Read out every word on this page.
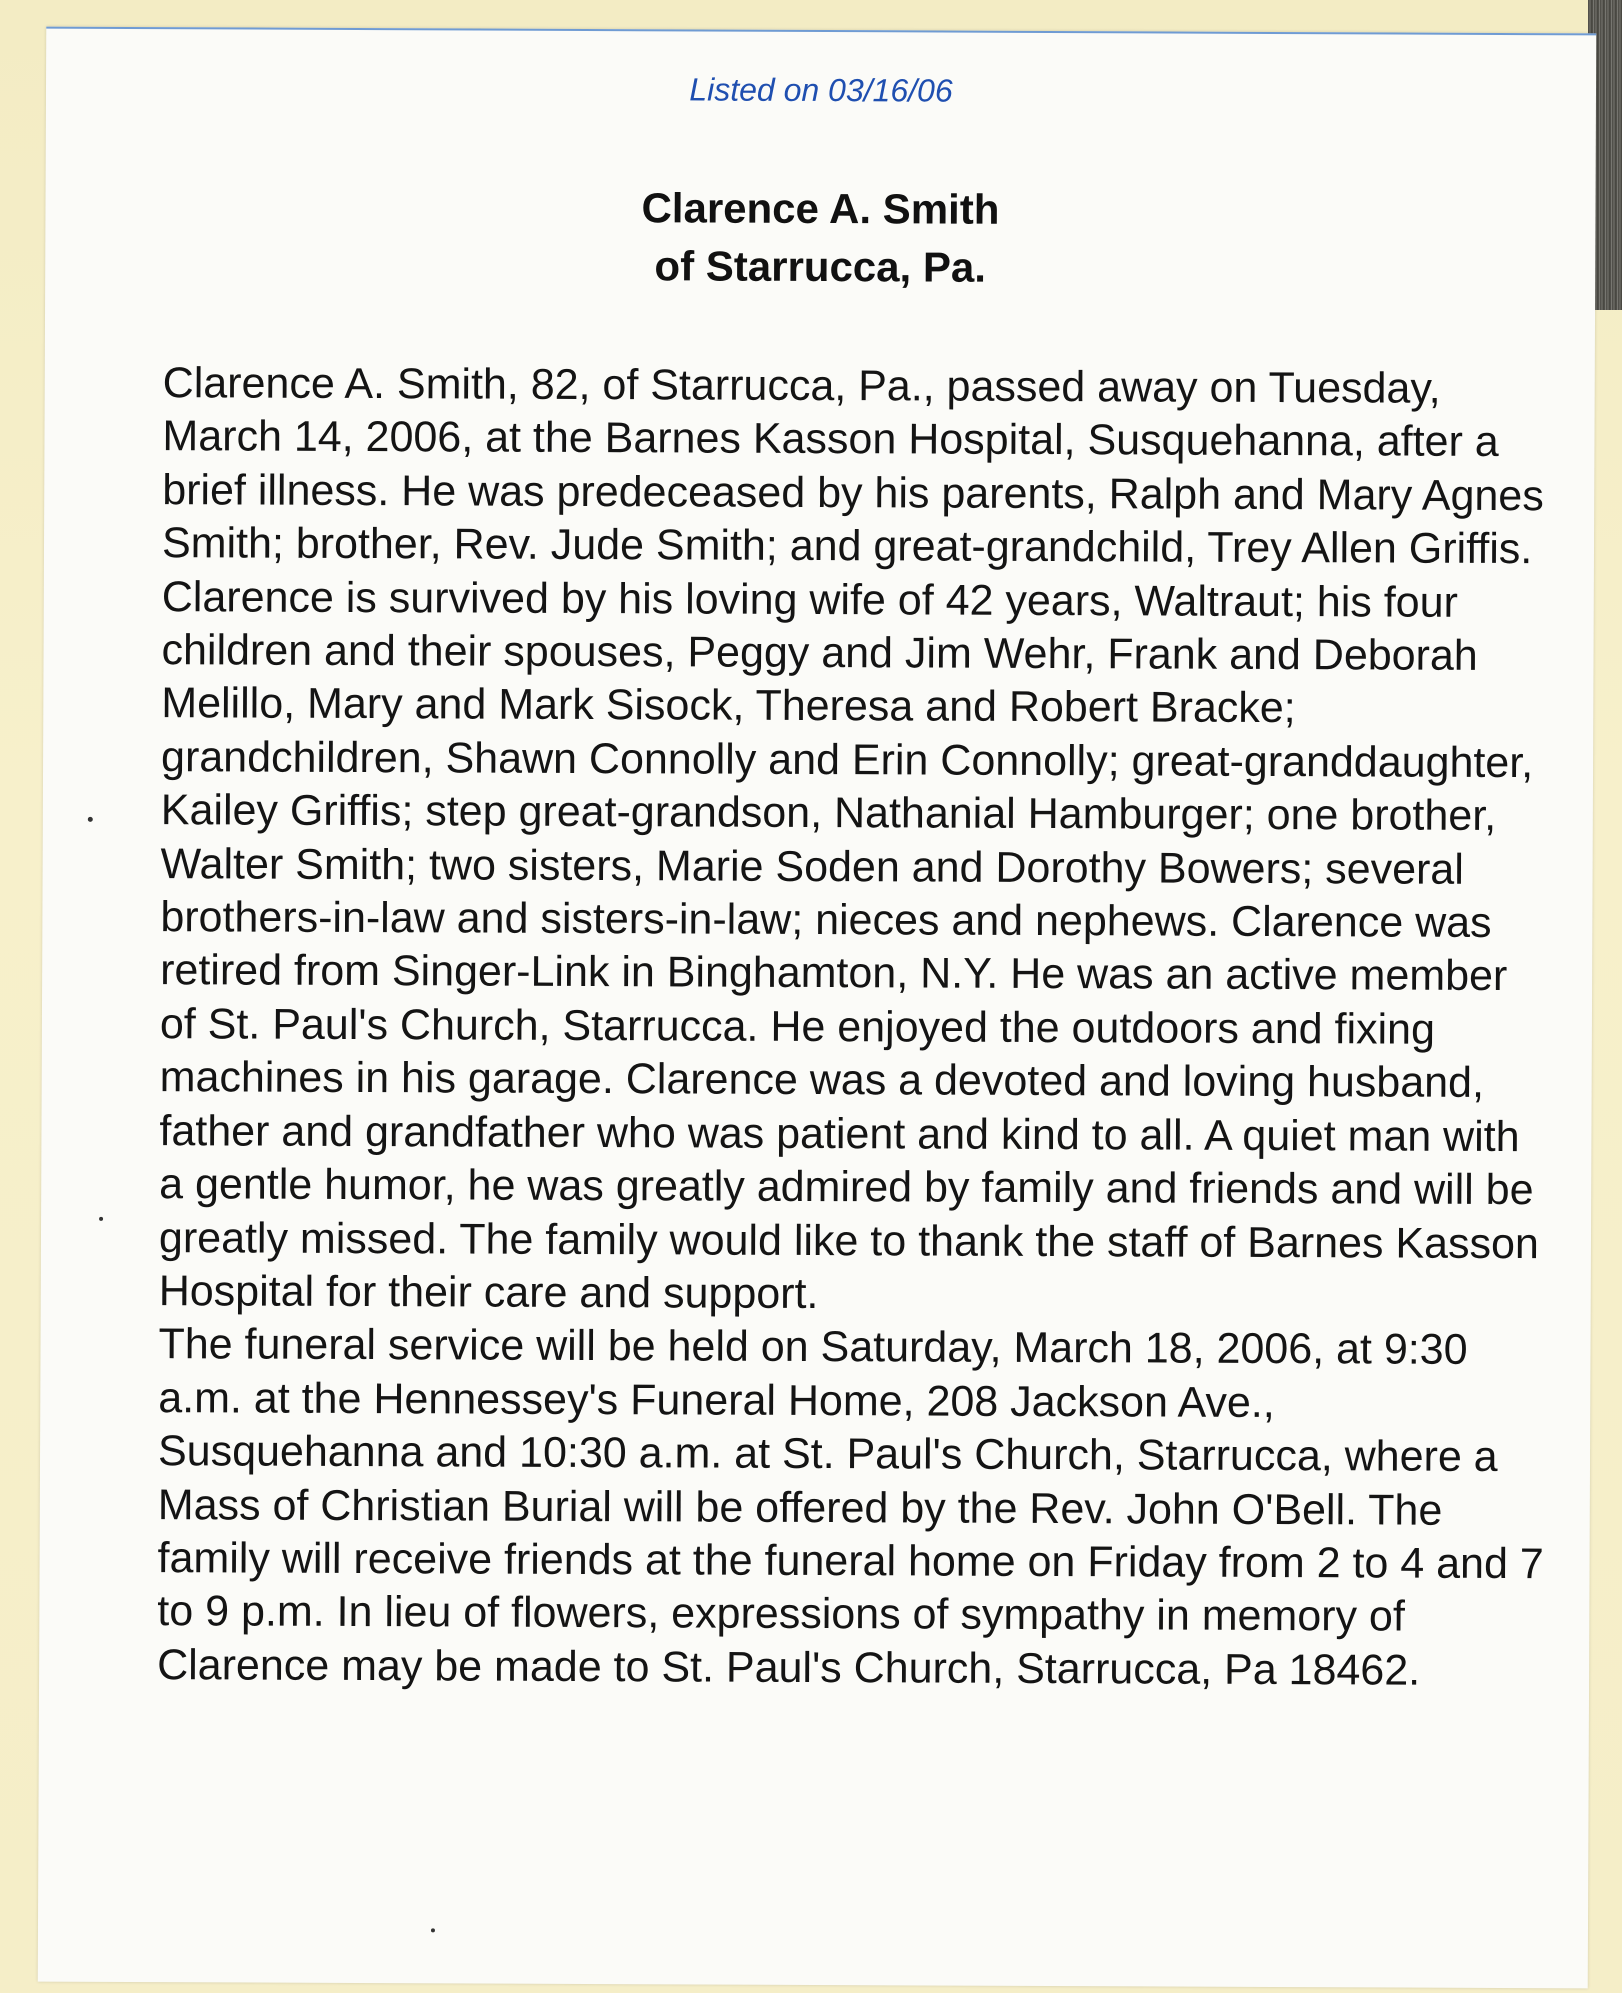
Listed on 03/16/06
Clarence A. Smith
of Starrucca, Pa.

Clarence A. Smith, 82, of Starrucca, Pa., passed away on Tuesday, March 14, 2006, at the Barnes Kasson Hospital, Susquehanna, after a brief illness. He was predeceased by his parents, Ralph and Mary Agnes Smith; brother, Rev. Jude Smith; and great-grandchild, Trey Allen Griffis. Clarence is survived by his loving wife of 42 years, Waltraut; his four children and their spouses, Peggy and Jim Wehr, Frank and Deborah Melillo, Mary and Mark Sisock, Theresa and Robert Bracke; grandchildren, Shawn Connolly and Erin Connolly; great-granddaughter, Kailey Griffis; step great-grandson, Nathanial Hamburger; one brother, Walter Smith; two sisters, Marie Soden and Dorothy Bowers; several brothers-in-law and sisters-in-law; nieces and nephews. Clarence was retired from Singer-Link in Binghamton, N.Y. He was an active member of St. Paul's Church, Starrucca. He enjoyed the outdoors and fixing machines in his garage. Clarence was a devoted and loving husband, father and grandfather who was patient and kind to all. A quiet man with a gentle humor, he was greatly admired by family and friends and will be greatly missed. The family would like to thank the staff of Barnes Kasson Hospital for their care and support.

The funeral service will be held on Saturday, March 18, 2006, at 9:30 a.m. at the Hennessey's Funeral Home, 208 Jackson Ave., Susquehanna and 10:30 a.m. at St. Paul's Church, Starrucca, where a Mass of Christian Burial will be offered by the Rev. John O'Bell. The family will receive friends at the funeral home on Friday from 2 to 4 and 7 to 9 p.m. In lieu of flowers, expressions of sympathy in memory of Clarence may be made to St. Paul's Church, Starrucca, Pa 18462.
